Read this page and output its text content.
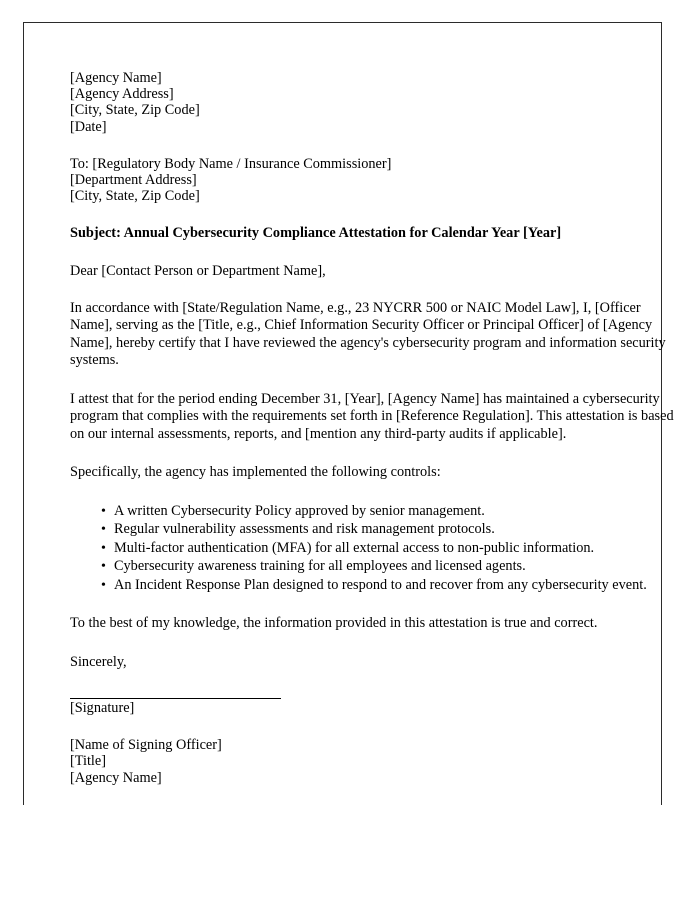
[Agency Name]
[Agency Address]
[City, State, Zip Code]
[Date]
To: [Regulatory Body Name / Insurance Commissioner]
[Department Address]
[City, State, Zip Code]
Subject: Annual Cybersecurity Compliance Attestation for Calendar Year [Year]
Dear [Contact Person or Department Name],

In accordance with [State/Regulation Name, e.g., 23 NYCRR 500 or NAIC Model Law], I, [Officer Name], serving as the [Title, e.g., Chief Information Security Officer or Principal Officer] of [Agency Name], hereby certify that I have reviewed the agency's cybersecurity program and information security systems.

I attest that for the period ending December 31, [Year], [Agency Name] has maintained a cybersecurity program that complies with the requirements set forth in [Reference Regulation]. This attestation is based on our internal assessments, reports, and [mention any third-party audits if applicable].

Specifically, the agency has implemented the following controls:

• A written Cybersecurity Policy approved by senior management.
• Regular vulnerability assessments and risk management protocols.
• Multi-factor authentication (MFA) for all external access to non-public information.
• Cybersecurity awareness training for all employees and licensed agents.
• An Incident Response Plan designed to respond to and recover from any cybersecurity event.

To the best of my knowledge, the information provided in this attestation is true and correct.

Sincerely,
[Signature]
[Name of Signing Officer]
[Title]
[Agency Name]
